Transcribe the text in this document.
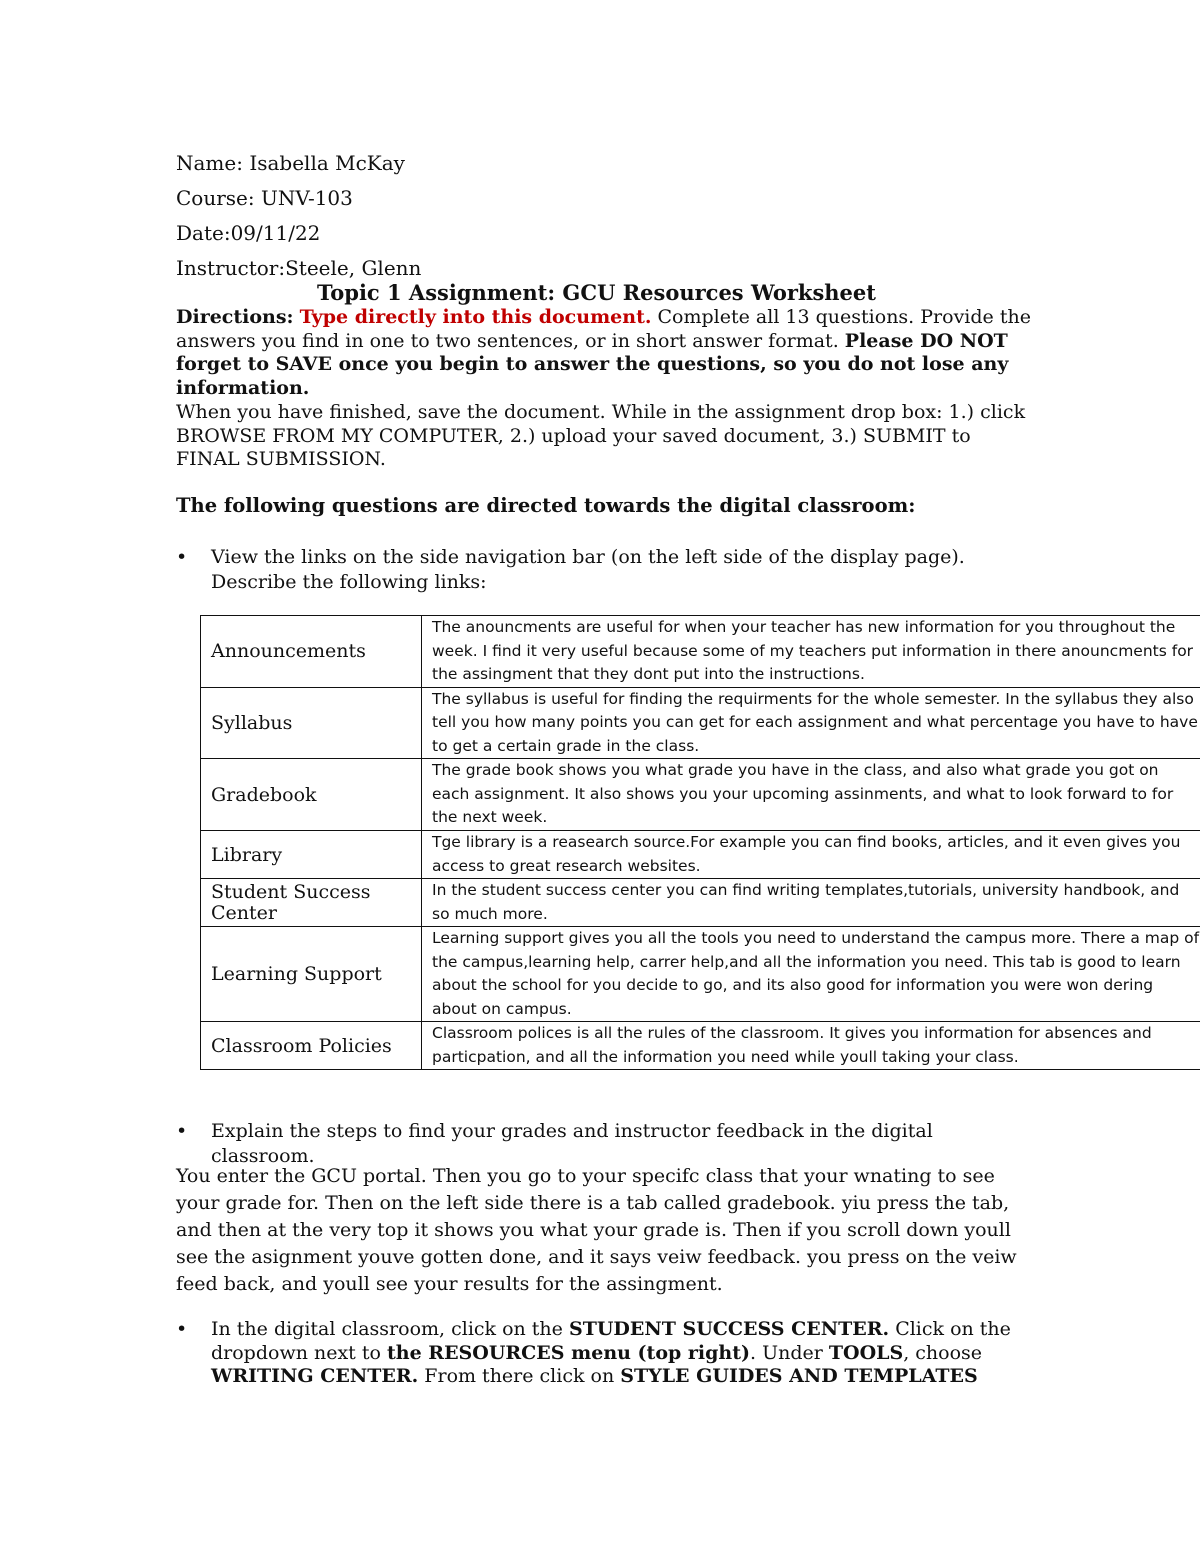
Name: Isabella McKay
Course: UNV-103
Date:09/11/22
Instructor:Steele, Glenn
Topic 1 Assignment: GCU Resources Worksheet
Directions: Type directly into this document. Complete all 13 questions. Provide the answers you find in one to two sentences, or in short answer format. Please DO NOT forget to SAVE once you begin to answer the questions, so you do not lose any information.
When you have finished, save the document. While in the assignment drop box: 1.) click BROWSE FROM MY COMPUTER, 2.) upload your saved document, 3.) SUBMIT to FINAL SUBMISSION.
The following questions are directed towards the digital classroom:
•	View the links on the side navigation bar (on the left side of the display page). Describe the following links:
Announcements	The anouncments are useful for when your teacher has new information for you throughout the week. I find it very useful because some of my teachers put information in there anouncments for the assingment that they dont put into the instructions.
Syllabus	The syllabus is useful for finding the requirments for the whole semester. In the syllabus they also tell you how many points you can get for each assignment and what percentage you have to have to get a certain grade in the class.
Gradebook	The grade book shows you what grade you have in the class, and also what grade you got on each assignment. It also shows you your upcoming assinments, and what to look forward to for the next week.
Library	Tge library is a reasearch source.For example you can find books, articles, and it even gives you access to great research websites.
Student Success Center	In the student success center you can find writing templates,tutorials, university handbook, and so much more.
Learning Support	Learning support gives you all the tools you need to understand the campus more. There a map of the campus,learning help, carrer help,and all the information you need. This tab is good to learn about the school for you decide to go, and its also good for information you were won dering about on campus.
Classroom Policies	Classroom polices is all the rules of the classroom. It gives you information for absences and particpation, and all the information you need while youll taking your class.
•	Explain the steps to find your grades and instructor feedback in the digital classroom.
You enter the GCU portal. Then you go to your specifc class that your wnating to see your grade for. Then on the left side there is a tab called gradebook. yiu press the tab, and then at the very top it shows you what your grade is. Then if you scroll down youll see the asignment youve gotten done, and it says veiw feedback. you press on the veiw feed back, and youll see your results for the assingment.
•	In the digital classroom, click on the STUDENT SUCCESS CENTER. Click on the dropdown next to the RESOURCES menu (top right). Under TOOLS, choose WRITING CENTER. From there click on STYLE GUIDES AND TEMPLATES
